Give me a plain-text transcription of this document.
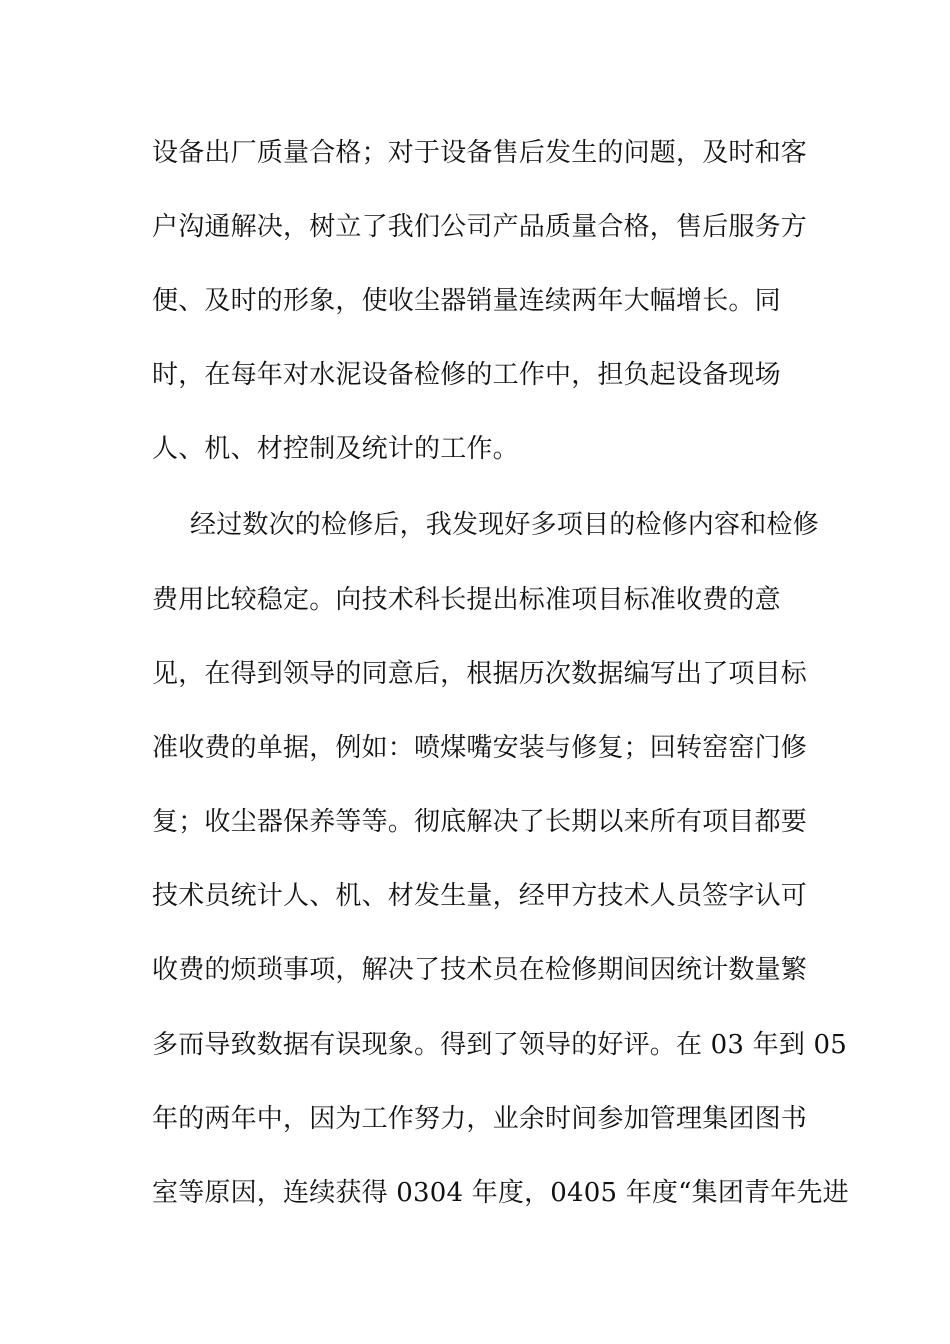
设备出厂质量合格；对于设备售后发生的问题，及时和客
户沟通解决，树立了我们公司产品质量合格，售后服务方
便、及时的形象，使收尘器销量连续两年大幅增长。同
时，在每年对水泥设备检修的工作中，担负起设备现场
人、机、材控制及统计的工作。
经过数次的检修后，我发现好多项目的检修内容和检修
费用比较稳定。向技术科长提出标准项目标准收费的意
见，在得到领导的同意后，根据历次数据编写出了项目标
准收费的单据，例如：喷煤嘴安装与修复；回转窑窑门修
复；收尘器保养等等。彻底解决了长期以来所有项目都要
技术员统计人、机、材发生量，经甲方技术人员签字认可
收费的烦琐事项，解决了技术员在检修期间因统计数量繁
多而导致数据有误现象。得到了领导的好评。在 03 年到 05
年的两年中，因为工作努力，业余时间参加管理集团图书
室等原因，连续获得 0304 年度，0405 年度“集团青年先进
